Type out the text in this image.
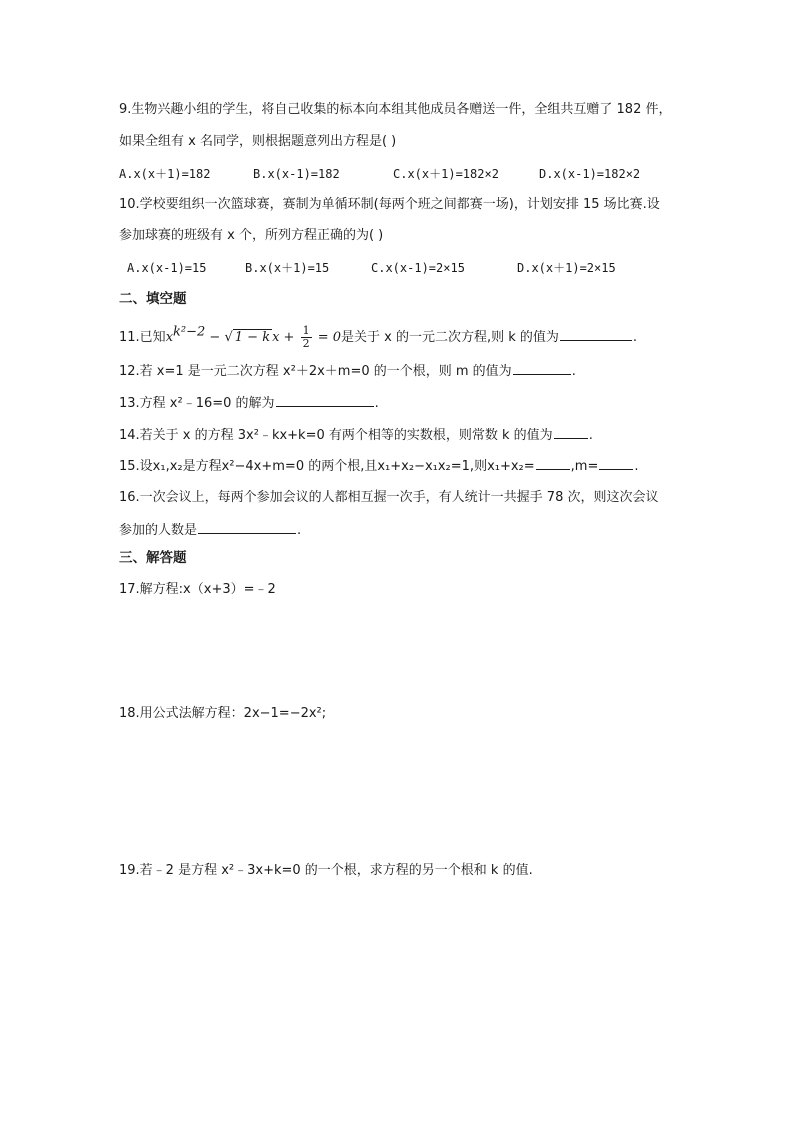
9.生物兴趣小组的学生，将自己收集的标本向本组其他成员各赠送一件，全组共互赠了 182 件，
如果全组有 x 名同学，则根据题意列出方程是( )
A.x(x＋1)=182	B.x(x-1)=182	C.x(x＋1)=182×2	D.x(x-1)=182×2
10.学校要组织一次篮球赛，赛制为单循环制(每两个班之间都赛一场)，计划安排 15 场比赛.设
参加球赛的班级有 x 个，所列方程正确的为( )
A.x(x-1)=15	B.x(x＋1)=15	C.x(x-1)=2×15	D.x(x＋1)=2×15
二、填空题
11.已知$x^{k^2-2}$ − √ 1 − k $x + \frac{1}{2} = 0$是关于 x 的一元二次方程,则 k 的值为	.
12.若 x=1 是一元二次方程 x²＋2x＋m=0 的一个根，则 m 的值为	.
13.方程 x²﹣16=0 的解为	.
14.若关于 x 的方程 3x²﹣kx+k=0 有两个相等的实数根，则常数 k 的值为	.
15.设x₁,x₂是方程x²−4x+m=0 的两个根,且x₁+x₂−x₁x₂=1,则x₁+x₂=	,m=	.
16.一次会议上，每两个参加会议的人都相互握一次手，有人统计一共握手 78 次，则这次会议
参加的人数是	.
三、解答题
17.解方程:x（x+3）=﹣2
18.用公式法解方程：2x−1=−2x²;
19.若﹣2 是方程 x²﹣3x+k=0 的一个根，求方程的另一个根和 k 的值.
